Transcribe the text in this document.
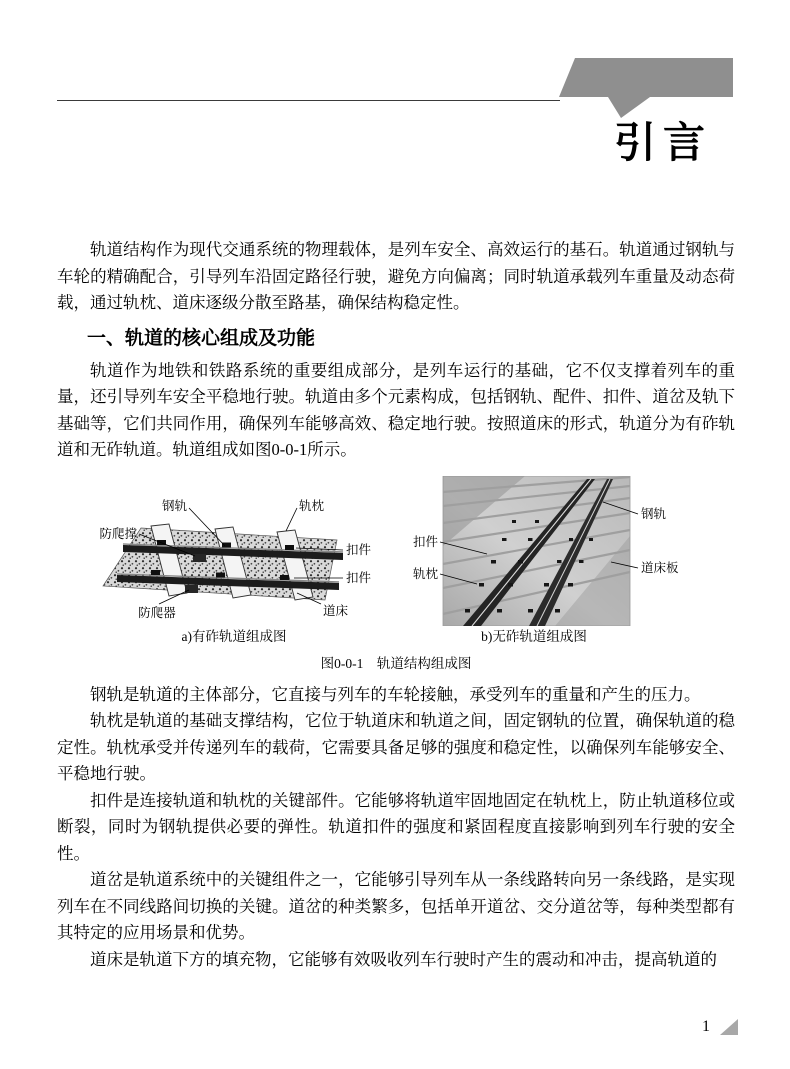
引言

轨道结构作为现代交通系统的物理载体，是列车安全、高效运行的基石。轨道通过钢轨与车轮的精确配合，引导列车沿固定路径行驶，避免方向偏离；同时轨道承载列车重量及动态荷载，通过轨枕、道床逐级分散至路基，确保结构稳定性。

一、轨道的核心组成及功能

轨道作为地铁和铁路系统的重要组成部分，是列车运行的基础，它不仅支撑着列车的重量，还引导列车安全平稳地行驶。轨道由多个元素构成，包括钢轨、配件、扣件、道岔及轨下基础等，它们共同作用，确保列车能够高效、稳定地行驶。按照道床的形式，轨道分为有砟轨道和无砟轨道。轨道组成如图0-0-1所示。

钢轨	轨枕
防爬撑
扣件
扣件
防爬器	道床
钢轨
扣件
轨枕	道床板
a)有砟轨道组成图	b)无砟轨道组成图
图0-0-1　轨道结构组成图

钢轨是轨道的主体部分，它直接与列车的车轮接触，承受列车的重量和产生的压力。

轨枕是轨道的基础支撑结构，它位于轨道床和轨道之间，固定钢轨的位置，确保轨道的稳定性。轨枕承受并传递列车的载荷，它需要具备足够的强度和稳定性，以确保列车能够安全、平稳地行驶。

扣件是连接轨道和轨枕的关键部件。它能够将轨道牢固地固定在轨枕上，防止轨道移位或断裂，同时为钢轨提供必要的弹性。轨道扣件的强度和紧固程度直接影响到列车行驶的安全性。

道岔是轨道系统中的关键组件之一，它能够引导列车从一条线路转向另一条线路，是实现列车在不同线路间切换的关键。道岔的种类繁多，包括单开道岔、交分道岔等，每种类型都有其特定的应用场景和优势。

道床是轨道下方的填充物，它能够有效吸收列车行驶时产生的震动和冲击，提高轨道的

1
